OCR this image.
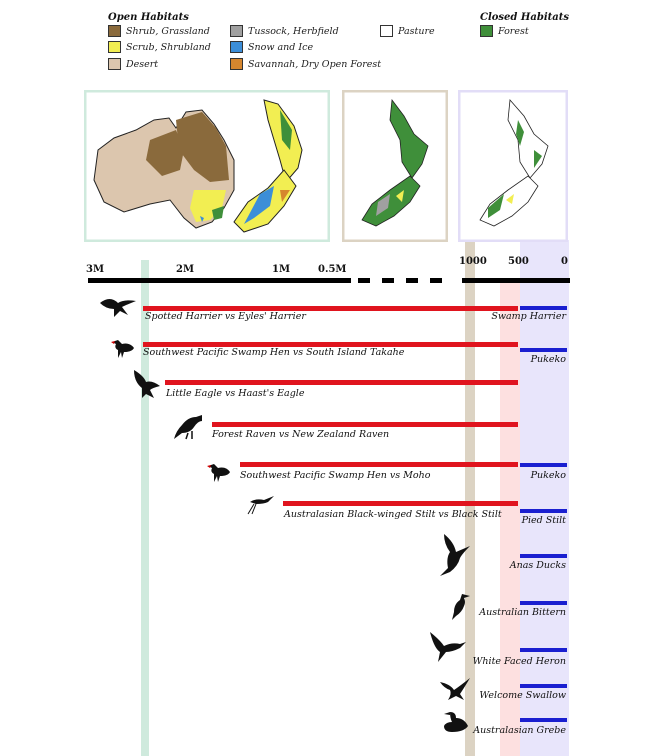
Open Habitats	Closed Habitats
Shrub, Grassland
Scrub, Shrubland
Desert
Tussock, Herbfield
Snow and Ice
Savannah, Dry Open Forest
Pasture	Forest
3M	2M	1M	0.5M
1000 500	0
Spotted Harrier vs Eyles' Harrier
Southwest Pacific Swamp Hen vs South Island Takahe
Little Eagle vs Haast's Eagle
Forest Raven vs New Zealand Raven
Southwest Pacific Swamp Hen vs Moho
Australasian Black-winged Stilt vs Black Stilt
Swamp Harrier
Pukeko
Pukeko
Pied Stilt
Anas Ducks
Australian Bittern
White Faced Heron
Welcome Swallow
Australasian Grebe
